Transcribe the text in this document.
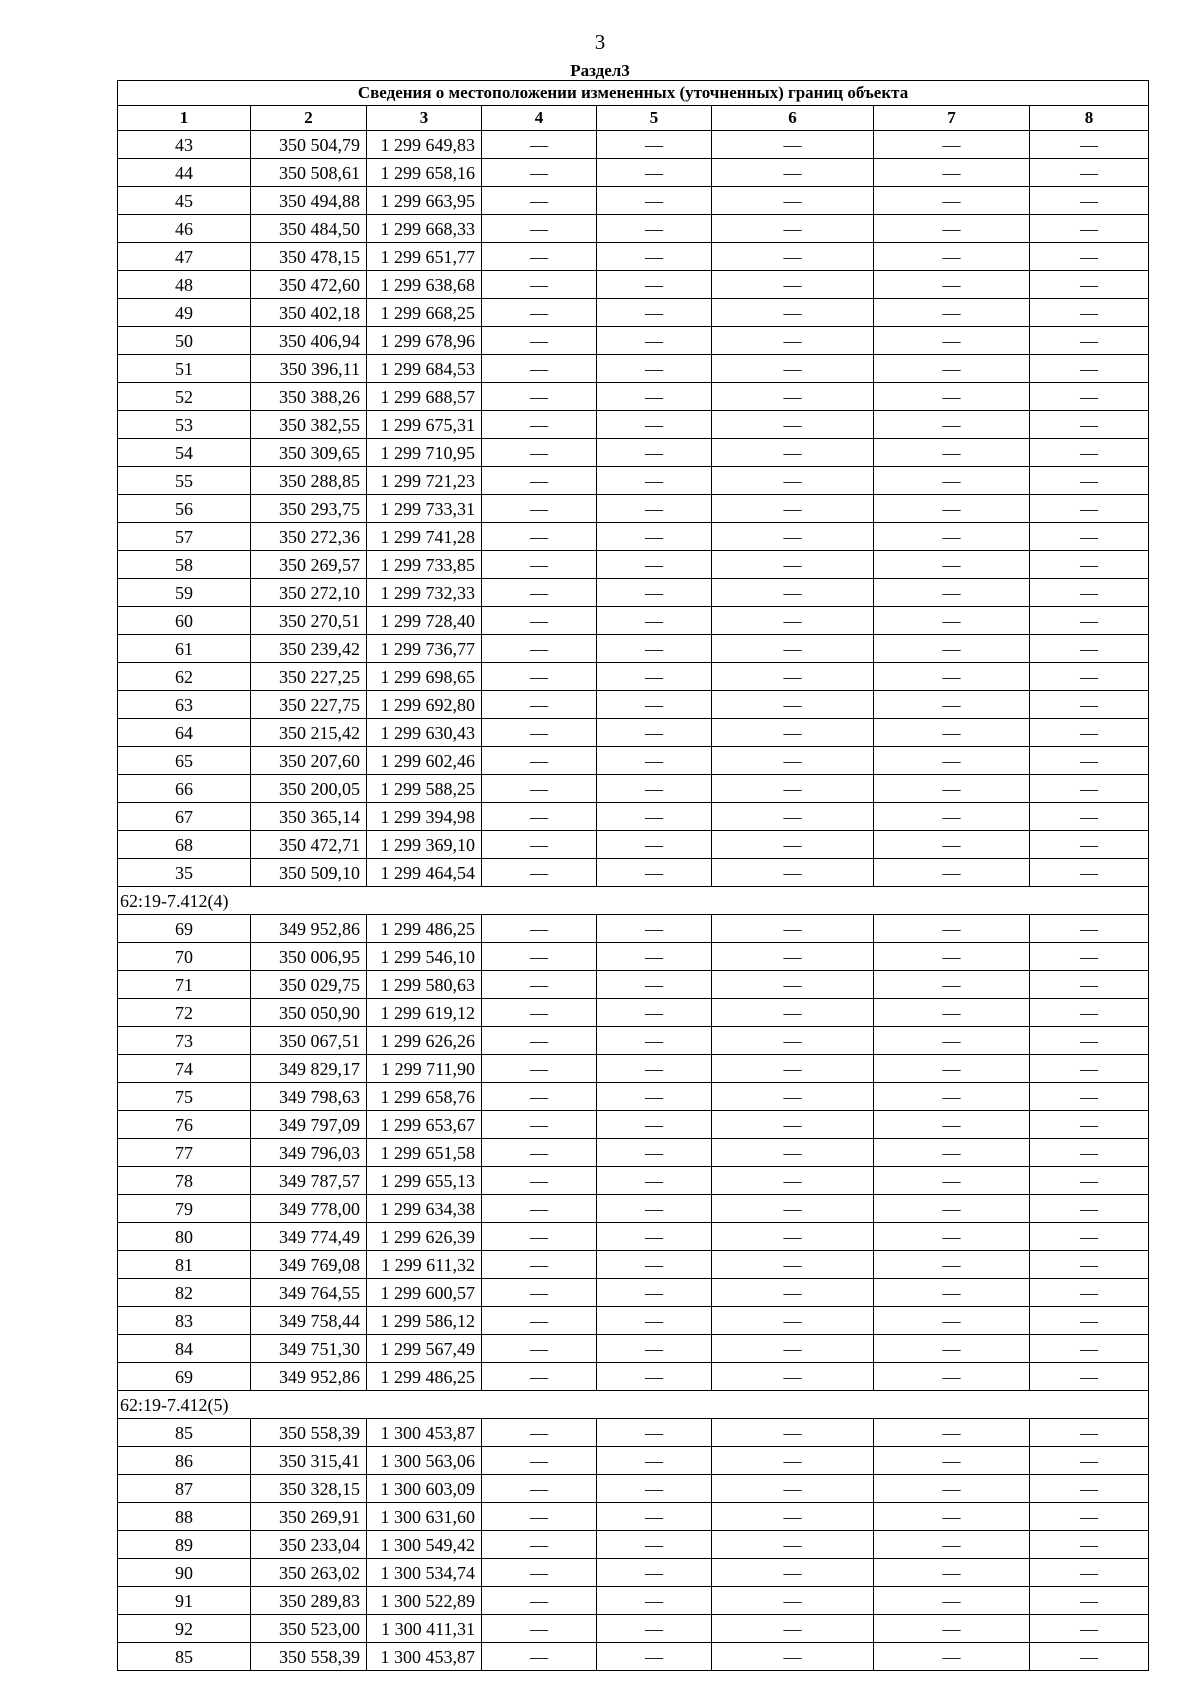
3
Раздел3
Сведения о местоположении измененных (уточненных) границ объекта							
1	2	3	4	5	6	7	8
43	350 504,79	1 299 649,83	—	—	—	—	—
44	350 508,61	1 299 658,16	—	—	—	—	—
45	350 494,88	1 299 663,95	—	—	—	—	—
46	350 484,50	1 299 668,33	—	—	—	—	—
47	350 478,15	1 299 651,77	—	—	—	—	—
48	350 472,60	1 299 638,68	—	—	—	—	—
49	350 402,18	1 299 668,25	—	—	—	—	—
50	350 406,94	1 299 678,96	—	—	—	—	—
51	350 396,11	1 299 684,53	—	—	—	—	—
52	350 388,26	1 299 688,57	—	—	—	—	—
53	350 382,55	1 299 675,31	—	—	—	—	—
54	350 309,65	1 299 710,95	—	—	—	—	—
55	350 288,85	1 299 721,23	—	—	—	—	—
56	350 293,75	1 299 733,31	—	—	—	—	—
57	350 272,36	1 299 741,28	—	—	—	—	—
58	350 269,57	1 299 733,85	—	—	—	—	—
59	350 272,10	1 299 732,33	—	—	—	—	—
60	350 270,51	1 299 728,40	—	—	—	—	—
61	350 239,42	1 299 736,77	—	—	—	—	—
62	350 227,25	1 299 698,65	—	—	—	—	—
63	350 227,75	1 299 692,80	—	—	—	—	—
64	350 215,42	1 299 630,43	—	—	—	—	—
65	350 207,60	1 299 602,46	—	—	—	—	—
66	350 200,05	1 299 588,25	—	—	—	—	—
67	350 365,14	1 299 394,98	—	—	—	—	—
68	350 472,71	1 299 369,10	—	—	—	—	—
35	350 509,10	1 299 464,54	—	—	—	—	—
62:19-7.412(4)							
69	349 952,86	1 299 486,25	—	—	—	—	—
70	350 006,95	1 299 546,10	—	—	—	—	—
71	350 029,75	1 299 580,63	—	—	—	—	—
72	350 050,90	1 299 619,12	—	—	—	—	—
73	350 067,51	1 299 626,26	—	—	—	—	—
74	349 829,17	1 299 711,90	—	—	—	—	—
75	349 798,63	1 299 658,76	—	—	—	—	—
76	349 797,09	1 299 653,67	—	—	—	—	—
77	349 796,03	1 299 651,58	—	—	—	—	—
78	349 787,57	1 299 655,13	—	—	—	—	—
79	349 778,00	1 299 634,38	—	—	—	—	—
80	349 774,49	1 299 626,39	—	—	—	—	—
81	349 769,08	1 299 611,32	—	—	—	—	—
82	349 764,55	1 299 600,57	—	—	—	—	—
83	349 758,44	1 299 586,12	—	—	—	—	—
84	349 751,30	1 299 567,49	—	—	—	—	—
69	349 952,86	1 299 486,25	—	—	—	—	—
62:19-7.412(5)							
85	350 558,39	1 300 453,87	—	—	—	—	—
86	350 315,41	1 300 563,06	—	—	—	—	—
87	350 328,15	1 300 603,09	—	—	—	—	—
88	350 269,91	1 300 631,60	—	—	—	—	—
89	350 233,04	1 300 549,42	—	—	—	—	—
90	350 263,02	1 300 534,74	—	—	—	—	—
91	350 289,83	1 300 522,89	—	—	—	—	—
92	350 523,00	1 300 411,31	—	—	—	—	—
85	350 558,39	1 300 453,87	—	—	—	—	—
